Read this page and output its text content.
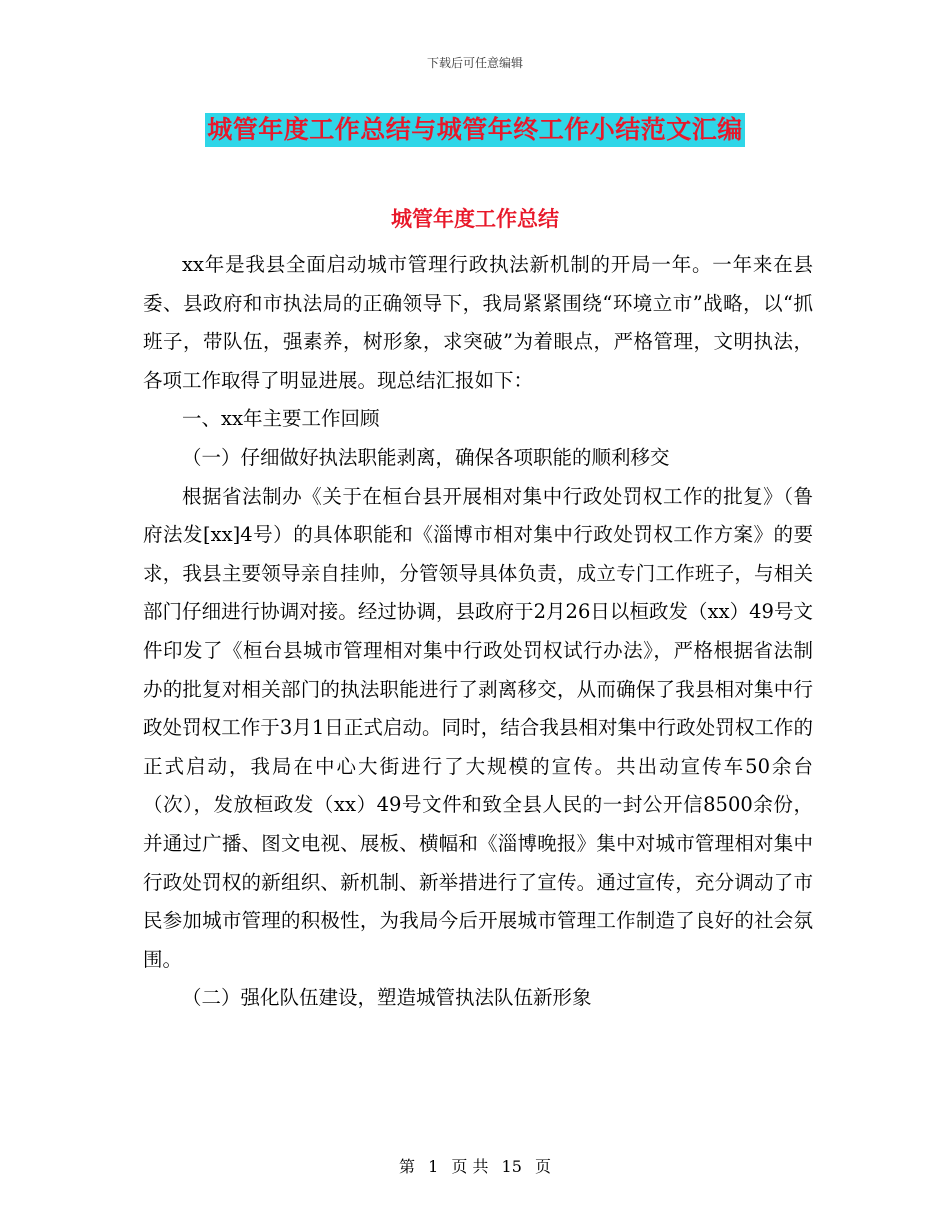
下载后可任意编辑
城管年度工作总结与城管年终工作小结范文汇编
城管年度工作总结

xx年是我县全面启动城市管理行政执法新机制的开局一年。一年来在县委、县政府和市执法局的正确领导下，我局紧紧围绕“环境立市”战略，以“抓班子，带队伍，强素养，树形象，求突破”为着眼点，严格管理，文明执法，各项工作取得了明显进展。现总结汇报如下：

一、xx年主要工作回顾

（一）仔细做好执法职能剥离，确保各项职能的顺利移交

根据省法制办《关于在桓台县开展相对集中行政处罚权工作的批复》（鲁府法发[xx]4号）的具体职能和《淄博市相对集中行政处罚权工作方案》的要求，我县主要领导亲自挂帅，分管领导具体负责，成立专门工作班子，与相关部门仔细进行协调对接。经过协调，县政府于2月26日以桓政发（xx）49号文件印发了《桓台县城市管理相对集中行政处罚权试行办法》，严格根据省法制办的批复对相关部门的执法职能进行了剥离移交，从而确保了我县相对集中行政处罚权工作于3月1日正式启动。同时，结合我县相对集中行政处罚权工作的正式启动，我局在中心大街进行了大规模的宣传。共出动宣传车50余台（次），发放桓政发（xx）49号文件和致全县人民的一封公开信8500余份，并通过广播、图文电视、展板、横幅和《淄博晚报》集中对城市管理相对集中行政处罚权的新组织、新机制、新举措进行了宣传。通过宣传，充分调动了市民参加城市管理的积极性，为我局今后开展城市管理工作制造了良好的社会氛围。

（二）强化队伍建设，塑造城管执法队伍新形象

第 1 页 共 15 页
